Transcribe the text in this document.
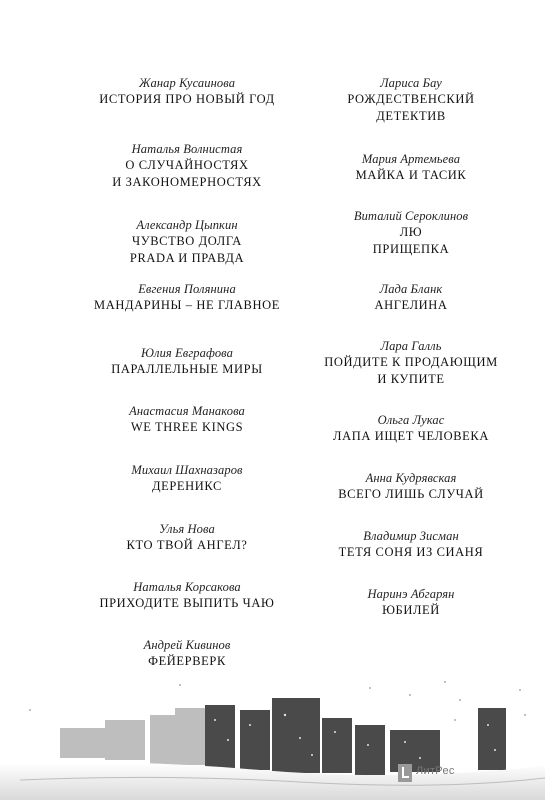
Жанар Кусаинова
ИСТОРИЯ ПРО НОВЫЙ ГОД
Наталья Волнистая
О СЛУЧАЙНОСТЯХ
И ЗАКОНОМЕРНОСТЯХ
Александр Цыпкин
ЧУВСТВО ДОЛГА
PRADA И ПРАВДА
Евгения Полянина
МАНДАРИНЫ – НЕ ГЛАВНОЕ
Юлия Евграфова
ПАРАЛЛЕЛЬНЫЕ МИРЫ
Анастасия Манакова
WE THREE KINGS
Михаил Шахназаров
ДЕРЕНИКС
Улья Нова
КТО ТВОЙ АНГЕЛ?
Наталья Корсакова
ПРИХОДИТЕ ВЫПИТЬ ЧАЮ
Андрей Кивинов
ФЕЙЕРВЕРК
Лариса Бау
РОЖДЕСТВЕНСКИЙ
ДЕТЕКТИВ
Мария Артемьева
МАЙКА И ТАСИК
Виталий Сероклинов
ЛЮ
ПРИЩЕПКА
Лада Бланк
АНГЕЛИНА
Лара Галль
ПОЙДИТЕ К ПРОДАЮЩИМ
И КУПИТЕ
Ольга Лукас
ЛАПА ИЩЕТ ЧЕЛОВЕКА
Анна Кудрявская
ВСЕГО ЛИШЬ СЛУЧАЙ
Владимир Зисман
ТЕТЯ СОНЯ ИЗ СИАНЯ
Наринэ Абгарян
ЮБИЛЕЙ
ЛитРес
